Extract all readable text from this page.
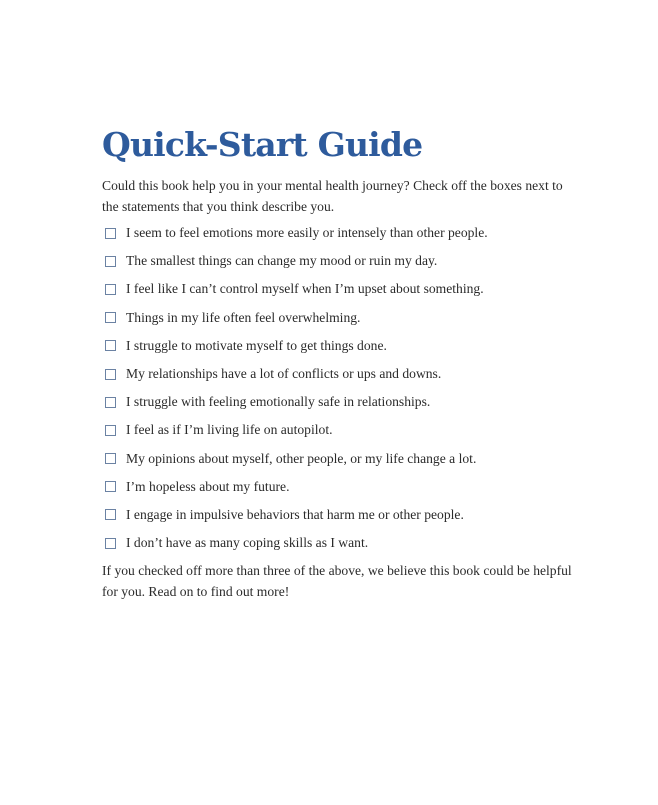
Quick-Start Guide

Could this book help you in your mental health journey? Check off the boxes next to the statements that you think describe you.

I seem to feel emotions more easily or intensely than other people.
The smallest things can change my mood or ruin my day.
I feel like I can’t control myself when I’m upset about something.
Things in my life often feel overwhelming.
I struggle to motivate myself to get things done.
My relationships have a lot of conflicts or ups and downs.
I struggle with feeling emotionally safe in relationships.
I feel as if I’m living life on autopilot.
My opinions about myself, other people, or my life change a lot.
I’m hopeless about my future.
I engage in impulsive behaviors that harm me or other people.
I don’t have as many coping skills as I want.

If you checked off more than three of the above, we believe this book could be helpful for you. Read on to find out more!
